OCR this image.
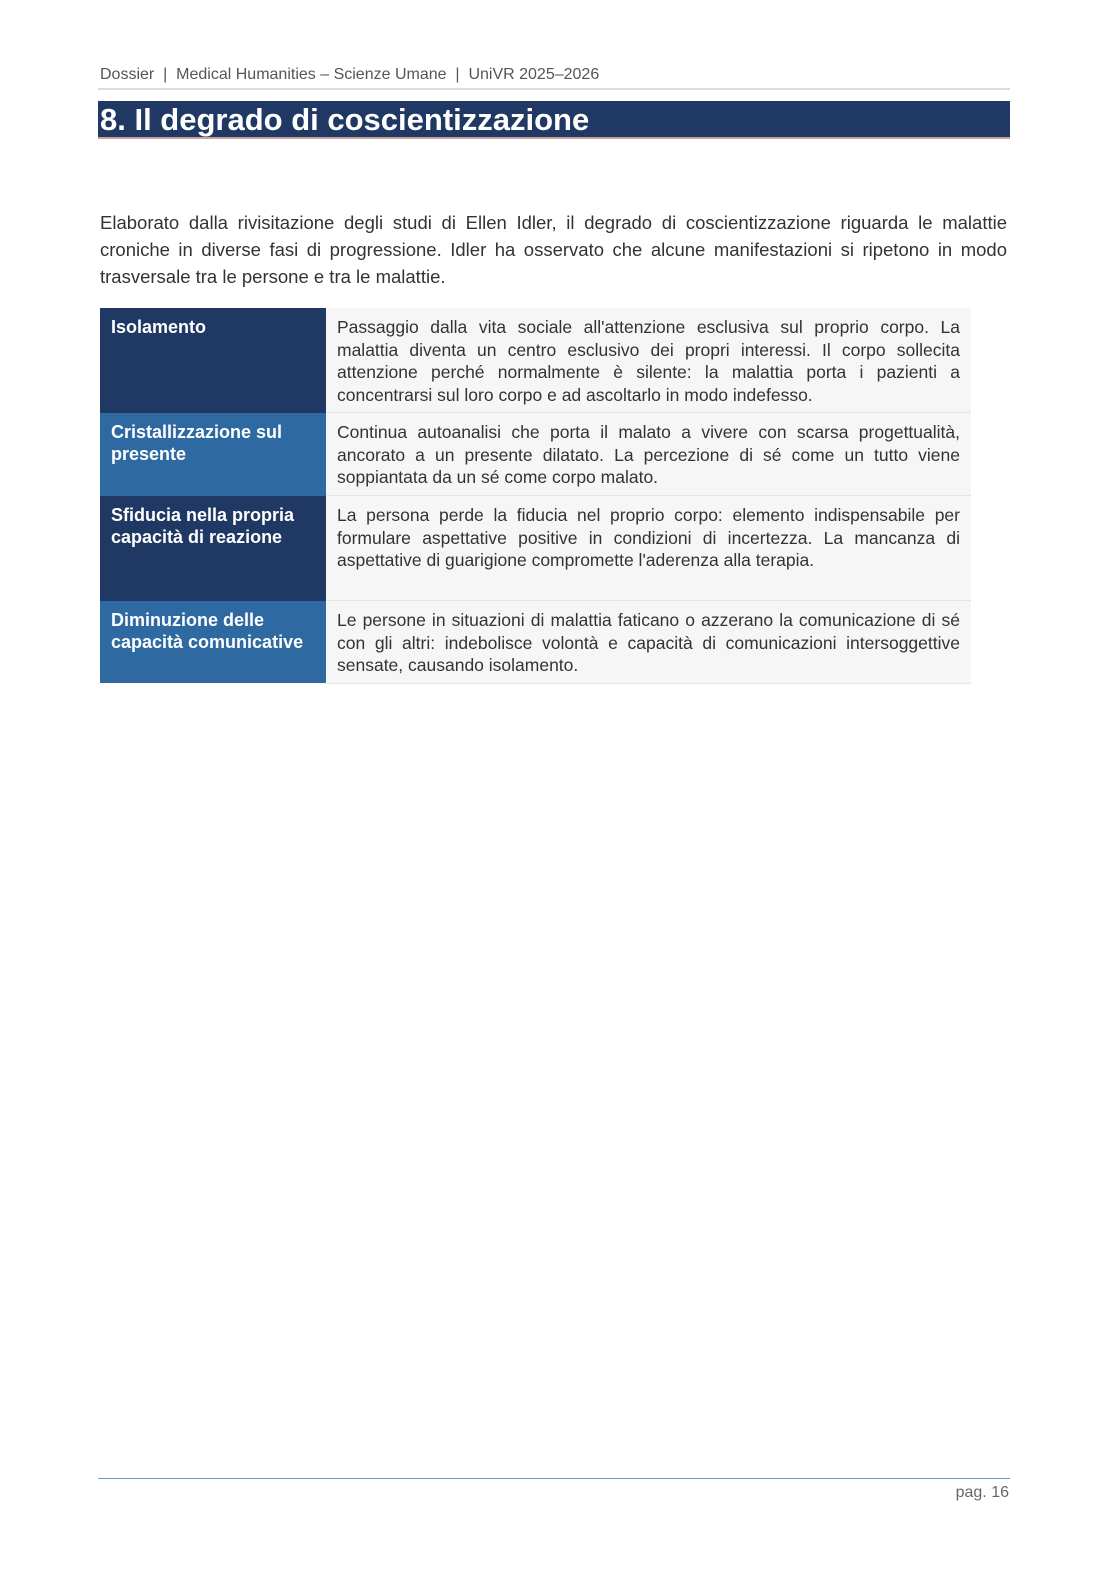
Dossier  |  Medical Humanities – Scienze Umane  |  UniVR 2025–2026
8. Il degrado di coscientizzazione

Elaborato dalla rivisitazione degli studi di Ellen Idler, il degrado di coscientizzazione riguarda le malattie croniche in diverse fasi di progressione. Idler ha osservato che alcune manifestazioni si ripetono in modo trasversale tra le persone e tra le malattie.

Isolamento	Passaggio dalla vita sociale all'attenzione esclusiva sul proprio corpo. La malattia diventa un centro esclusivo dei propri interessi. Il corpo sollecita attenzione perché normalmente è silente: la malattia porta i pazienti a concentrarsi sul loro corpo e ad ascoltarlo in modo indefesso.
Cristallizzazione sul presente	Continua autoanalisi che porta il malato a vivere con scarsa progettualità, ancorato a un presente dilatato. La percezione di sé come un tutto viene soppiantata da un sé come corpo malato.
Sfiducia nella propria capacità di reazione	La persona perde la fiducia nel proprio corpo: elemento indispensabile per formulare aspettative positive in condizioni di incertezza. La mancanza di aspettative di guarigione compromette l'aderenza alla terapia.
Diminuzione delle capacità comunicative	Le persone in situazioni di malattia faticano o azzerano la comunicazione di sé con gli altri: indebolisce volontà e capacità di comunicazioni intersoggettive sensate, causando isolamento.
pag. 16
